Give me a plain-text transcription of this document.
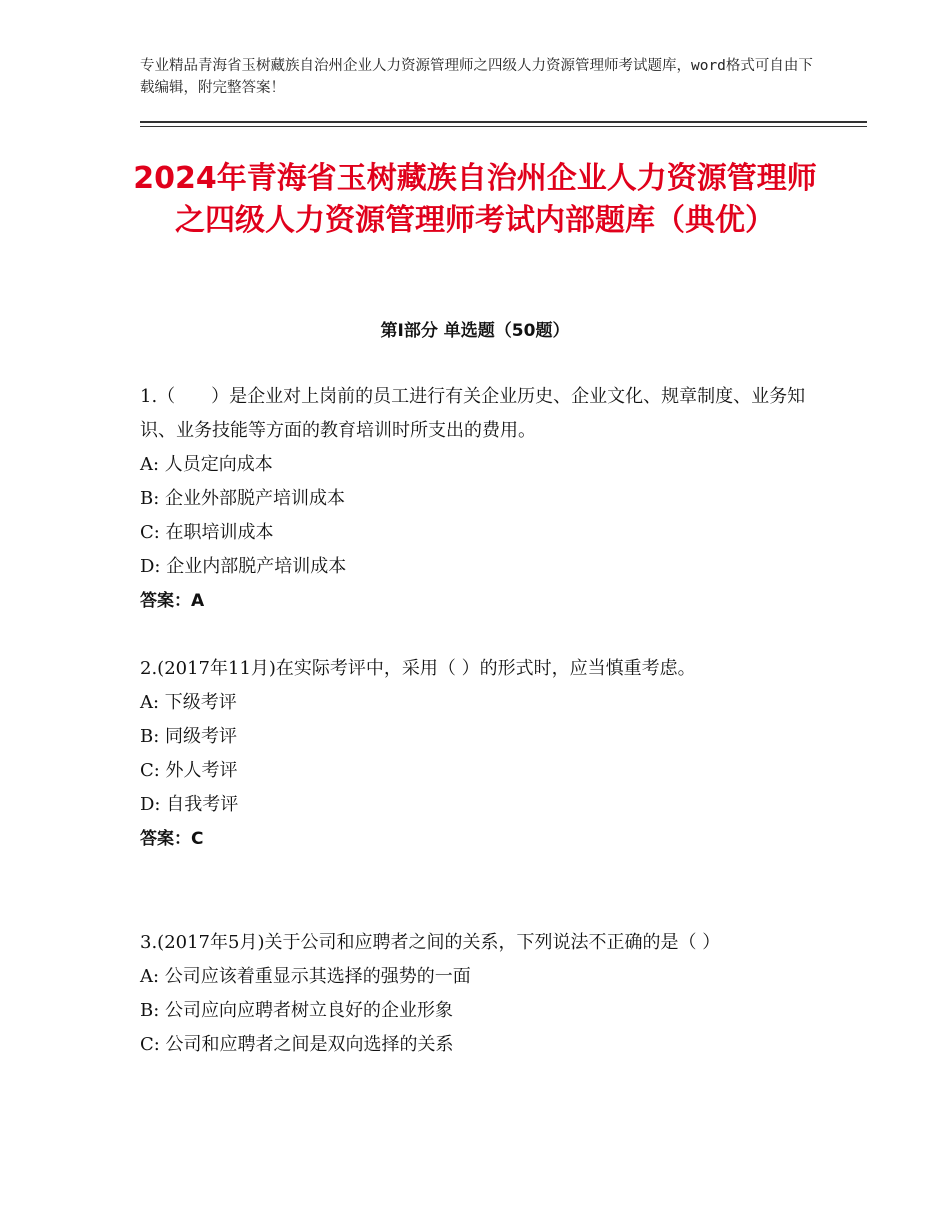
专业精品青海省玉树藏族自治州企业人力资源管理师之四级人力资源管理师考试题库，word格式可自由下载编辑，附完整答案！
2024年青海省玉树藏族自治州企业人力资源管理师之四级人力资源管理师考试内部题库（典优）
第Ⅰ部分 单选题（50题）

1.（　　）是企业对上岗前的员工进行有关企业历史、企业文化、规章制度、业务知识、业务技能等方面的教育培训时所支出的费用。

A: 人员定向成本

B: 企业外部脱产培训成本

C: 在职培训成本

D: 企业内部脱产培训成本

答案：A

2.(2017年11月)在实际考评中，采用（ ）的形式时，应当慎重考虑。

A: 下级考评

B: 同级考评

C: 外人考评

D: 自我考评

答案：C

3.(2017年5月)关于公司和应聘者之间的关系，下列说法不正确的是（ ）

A: 公司应该着重显示其选择的强势的一面

B: 公司应向应聘者树立良好的企业形象

C: 公司和应聘者之间是双向选择的关系
